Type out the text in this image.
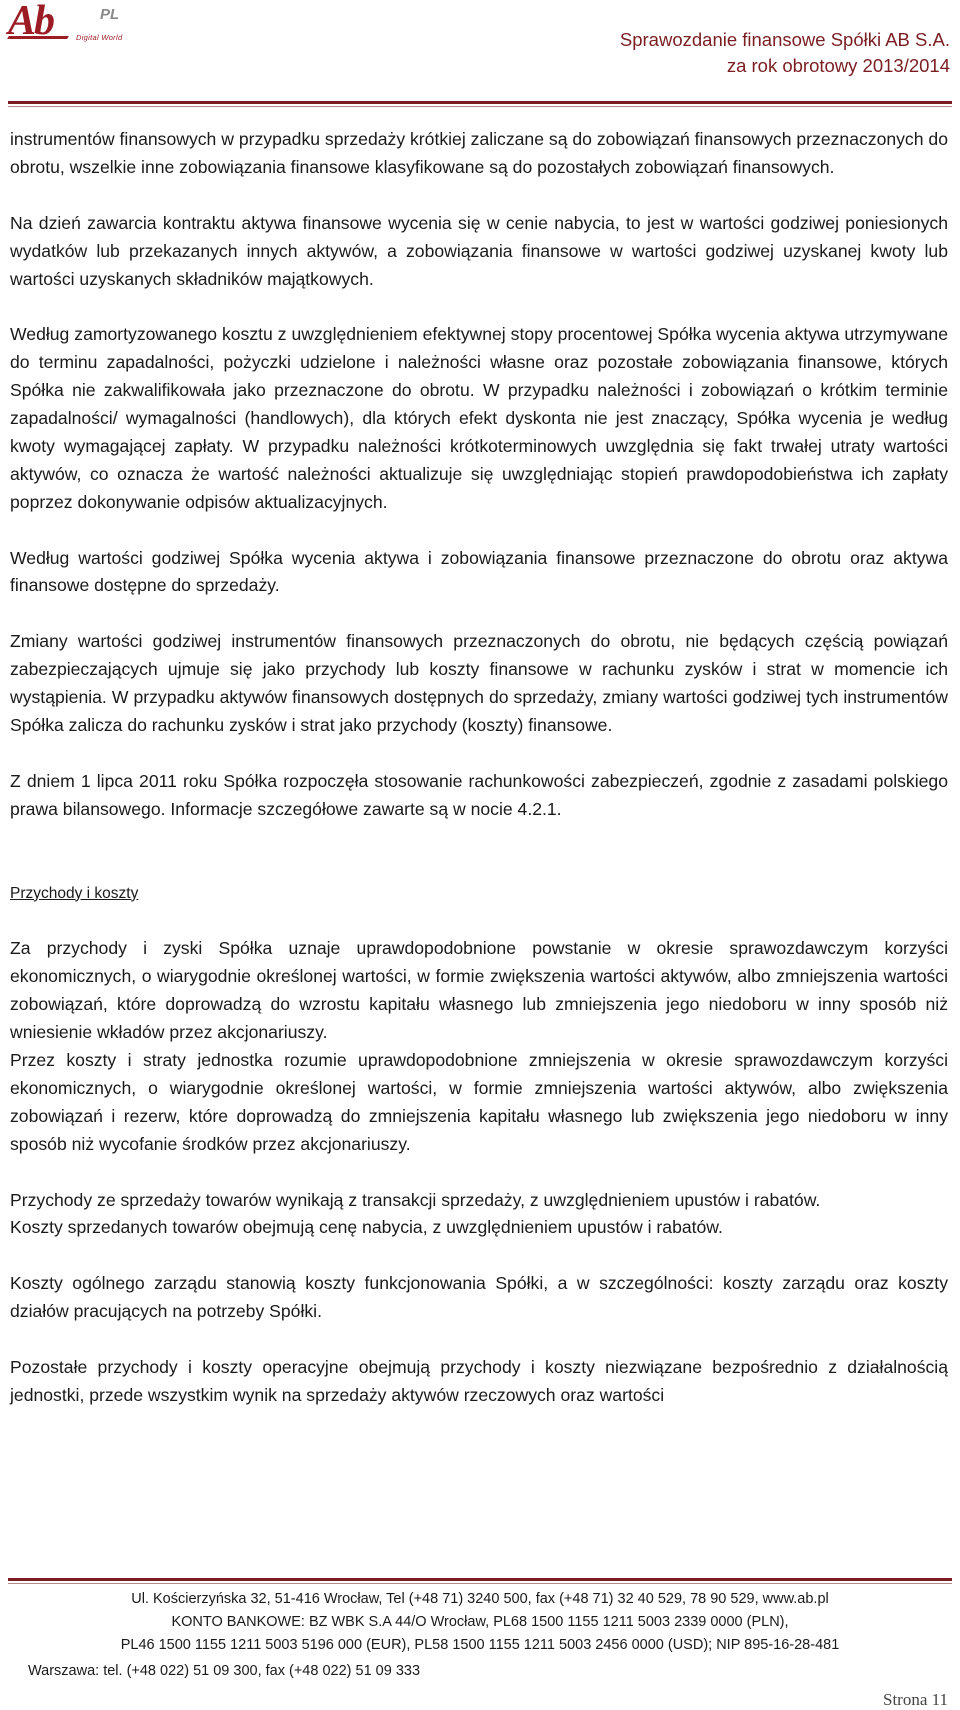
Ab	PL
Digital World	Sprawozdanie finansowe Spółki AB S.A.
za rok obrotowy 2013/2014

instrumentów finansowych w przypadku sprzedaży krótkiej zaliczane są do zobowiązań finansowych przeznaczonych do obrotu, wszelkie inne zobowiązania finansowe klasyfikowane są do pozostałych zobowiązań finansowych.

Na dzień zawarcia kontraktu aktywa finansowe wycenia się w cenie nabycia, to jest w wartości godziwej poniesionych wydatków lub przekazanych innych aktywów, a zobowiązania finansowe w wartości godziwej uzyskanej kwoty lub wartości uzyskanych składników majątkowych.

Według zamortyzowanego kosztu z uwzględnieniem efektywnej stopy procentowej Spółka wycenia aktywa utrzymywane do terminu zapadalności, pożyczki udzielone i należności własne oraz pozostałe zobowiązania finansowe, których Spółka nie zakwalifikowała jako przeznaczone do obrotu. W przypadku należności i zobowiązań o krótkim terminie zapadalności/ wymagalności (handlowych), dla których efekt dyskonta nie jest znaczący, Spółka wycenia je według kwoty wymagającej zapłaty. W przypadku należności krótkoterminowych uwzględnia się fakt trwałej utraty wartości aktywów, co oznacza że wartość należności aktualizuje się uwzględniając stopień prawdopodobieństwa ich zapłaty poprzez dokonywanie odpisów aktualizacyjnych.

Według wartości godziwej Spółka wycenia aktywa i zobowiązania finansowe przeznaczone do obrotu oraz aktywa finansowe dostępne do sprzedaży.

Zmiany wartości godziwej instrumentów finansowych przeznaczonych do obrotu, nie będących częścią powiązań zabezpieczających ujmuje się jako przychody lub koszty finansowe w rachunku zysków i strat w momencie ich wystąpienia. W przypadku aktywów finansowych dostępnych do sprzedaży, zmiany wartości godziwej tych instrumentów Spółka zalicza do rachunku zysków i strat jako przychody (koszty) finansowe.

Z dniem 1 lipca 2011 roku Spółka rozpoczęła stosowanie rachunkowości zabezpieczeń, zgodnie z zasadami polskiego prawa bilansowego. Informacje szczegółowe zawarte są w nocie 4.2.1.

Przychody i koszty

Za przychody i zyski Spółka uznaje uprawdopodobnione powstanie w okresie sprawozdawczym korzyści ekonomicznych, o wiarygodnie określonej wartości, w formie zwiększenia wartości aktywów, albo zmniejszenia wartości zobowiązań, które doprowadzą do wzrostu kapitału własnego lub zmniejszenia jego niedoboru w inny sposób niż wniesienie wkładów przez akcjonariuszy.

Przez koszty i straty jednostka rozumie uprawdopodobnione zmniejszenia w okresie sprawozdawczym korzyści ekonomicznych, o wiarygodnie określonej wartości, w formie zmniejszenia wartości aktywów, albo zwiększenia zobowiązań i rezerw, które doprowadzą do zmniejszenia kapitału własnego lub zwiększenia jego niedoboru w inny sposób niż wycofanie środków przez akcjonariuszy.

Przychody ze sprzedaży towarów wynikają z transakcji sprzedaży, z uwzględnieniem upustów i rabatów.

Koszty sprzedanych towarów obejmują cenę nabycia, z uwzględnieniem upustów i rabatów.

Koszty ogólnego zarządu stanowią koszty funkcjonowania Spółki, a w szczególności: koszty zarządu oraz koszty działów pracujących na potrzeby Spółki.

Pozostałe przychody i koszty operacyjne obejmują przychody i koszty niezwiązane bezpośrednio z działalnością jednostki, przede wszystkim wynik na sprzedaży aktywów rzeczowych oraz wartości

Ul. Kościerzyńska 32, 51-416 Wrocław, Tel (+48 71) 3240 500, fax (+48 71) 32 40 529, 78 90 529, www.ab.pl
KONTO BANKOWE: BZ WBK S.A 44/O Wrocław, PL68 1500 1155 1211 5003 2339 0000 (PLN),
PL46 1500 1155 1211 5003 5196 000 (EUR), PL58 1500 1155 1211 5003 2456 0000 (USD); NIP 895-16-28-481
Warszawa: tel. (+48 022) 51 09 300, fax (+48 022) 51 09 333
Strona 11
